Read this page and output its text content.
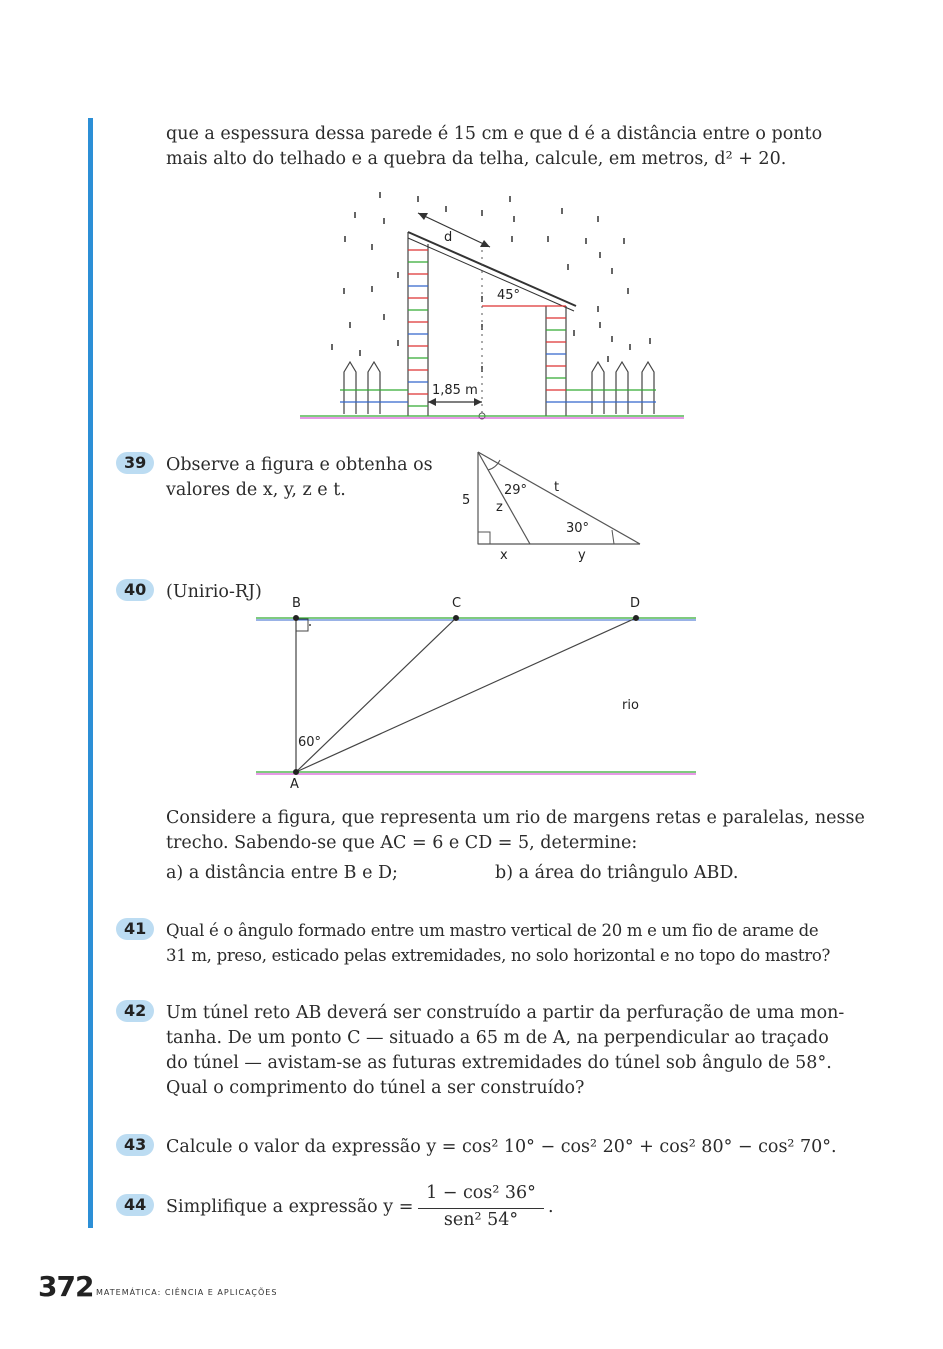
que a espessura dessa parede é 15 cm e que d é a distância entre o ponto
mais alto do telhado e a quebra da telha, calcule, em metros, d² + 20.
d
45°
1,85 m
39	Observe a figura e obtenha os
valores de x, y, z e t.
5
29° t
z
30°
x	y
40	(Unirio-RJ)
B	C	D
rio
60°
A
Considere a figura, que representa um rio de margens retas e paralelas, nesse
trecho. Sabendo-se que AC = 6 e CD = 5, determine:
a) a distância entre B e D;	b) a área do triângulo ABD.
41	Qual é o ângulo formado entre um mastro vertical de 20 m e um fio de arame de
31 m, preso, esticado pelas extremidades, no solo horizontal e no topo do mastro?
42	Um túnel reto AB deverá ser construído a partir da perfuração de uma mon-
tanha. De um ponto C — situado a 65 m de A, na perpendicular ao traçado
do túnel — avistam-se as futuras extremidades do túnel sob ângulo de 58°.
Qual o comprimento do túnel a ser construído?
43	Calcule o valor da expressão y = cos² 10° − cos² 20° + cos² 80° − cos² 70°.
44	Simplifique a expressão y =
1 − cos² 36°
sen² 54°
.
372 MATEMÁTICA: CIÊNCIA E APLICAÇÕES
